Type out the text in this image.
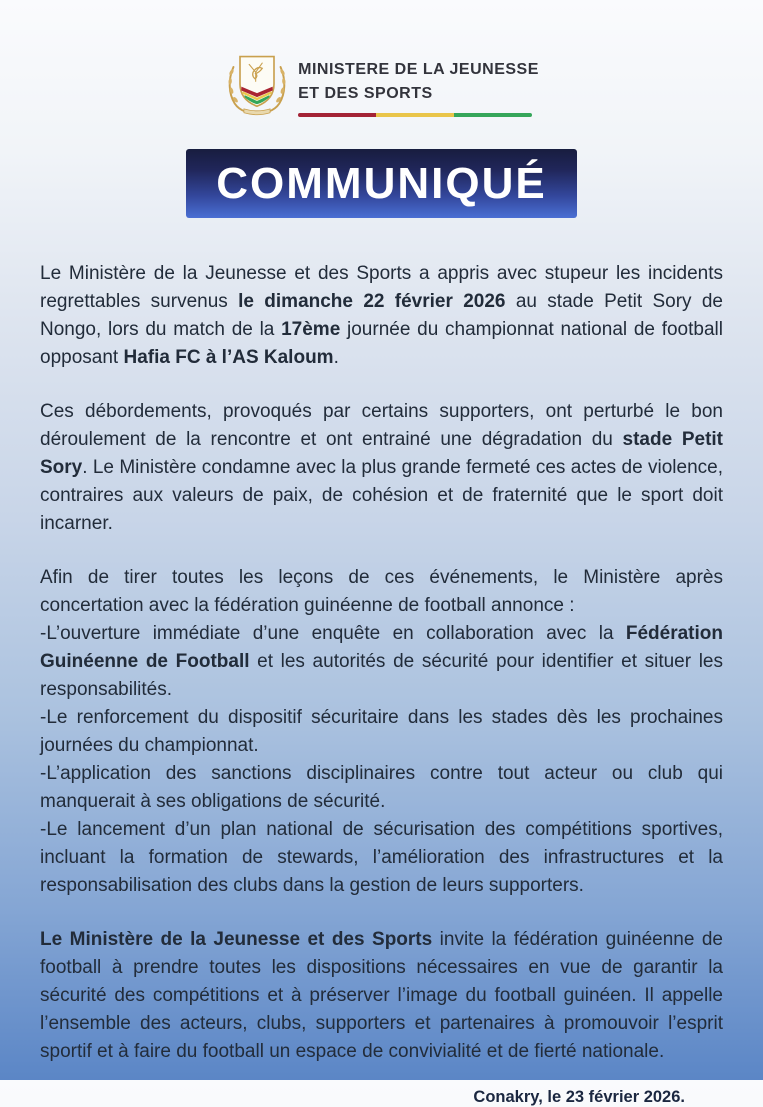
MINISTERE DE LA JEUNESSE
ET DES SPORTS
COMMUNIQUÉ

Le Ministère de la Jeunesse et des Sports a appris avec stupeur les incidents regrettables survenus le dimanche 22 février 2026 au stade Petit Sory de Nongo, lors du match de la 17ème journée du championnat national de football opposant Hafia FC à l’AS Kaloum.

Ces débordements, provoqués par certains supporters, ont perturbé le bon déroulement de la rencontre et ont entrainé une dégradation du stade Petit Sory. Le Ministère condamne avec la plus grande fermeté ces actes de violence, contraires aux valeurs de paix, de cohésion et de fraternité que le sport doit incarner.

Afin de tirer toutes les leçons de ces événements, le Ministère après concertation avec la fédération guinéenne de football annonce :

-L’ouverture immédiate d’une enquête en collaboration avec la Fédération Guinéenne de Football et les autorités de sécurité pour identifier et situer les responsabilités.

-Le renforcement du dispositif sécuritaire dans les stades dès les prochaines journées du championnat.

-L’application des sanctions disciplinaires contre tout acteur ou club qui manquerait à ses obligations de sécurité.

-Le lancement d’un plan national de sécurisation des compétitions sportives, incluant la formation de stewards, l’amélioration des infrastructures et la responsabilisation des clubs dans la gestion de leurs supporters.

Le Ministère de la Jeunesse et des Sports invite la fédération guinéenne de football à prendre toutes les dispositions nécessaires en vue de garantir la sécurité des compétitions et à préserver l’image du football guinéen. Il appelle l’ensemble des acteurs, clubs, supporters et partenaires à promouvoir l’esprit sportif et à faire du football un espace de convivialité et de fierté nationale.

Conakry, le 23 février 2026.
